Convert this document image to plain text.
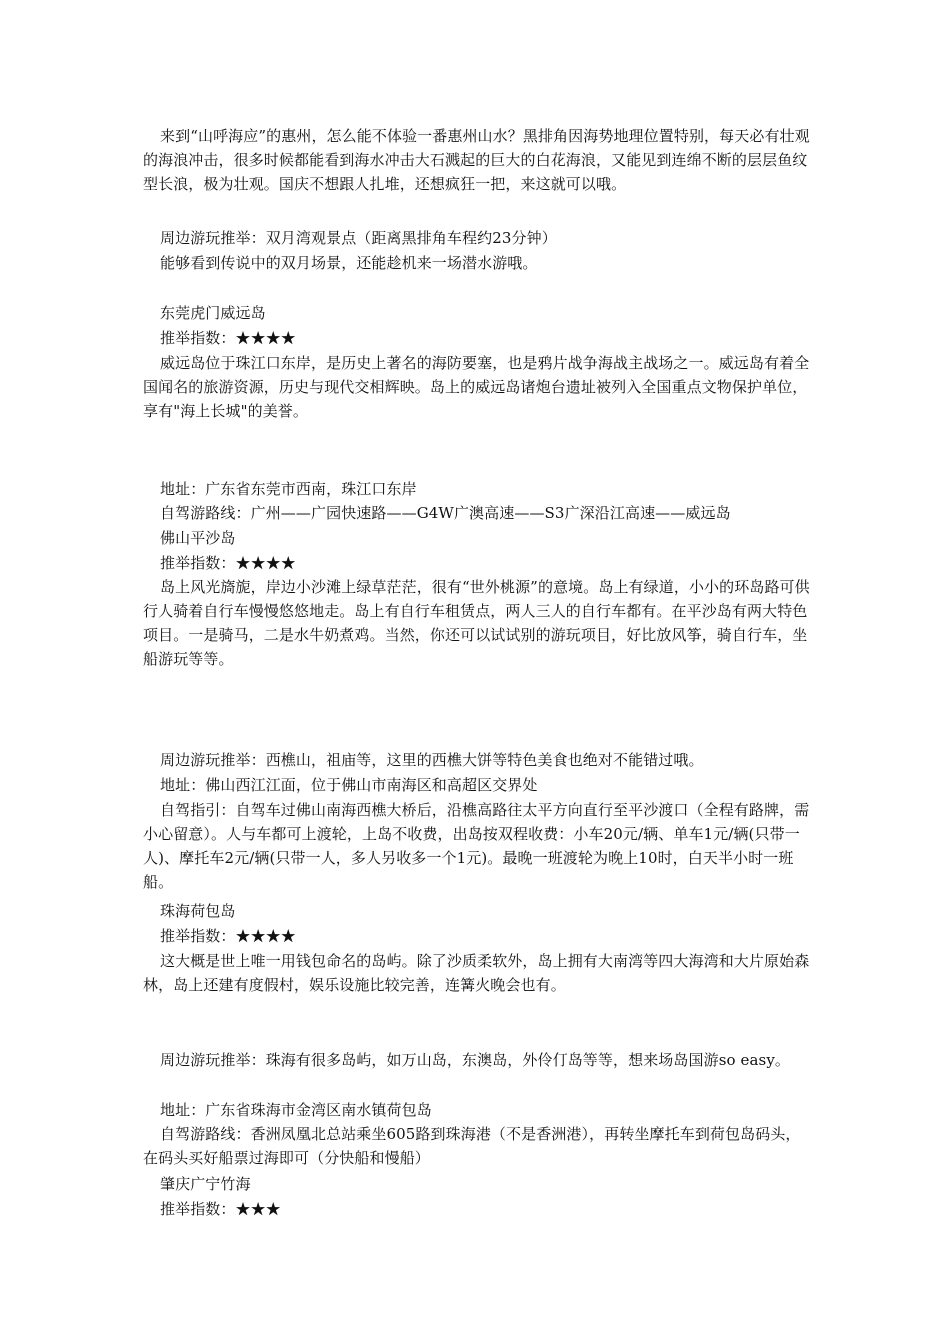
来到“山呼海应”的惠州，怎么能不体验一番惠州山水？黑排角因海势地理位置特别，每天必有壮观的海浪冲击，很多时候都能看到海水冲击大石溅起的巨大的白花海浪，又能见到连绵不断的层层鱼纹型长浪，极为壮观。国庆不想跟人扎堆，还想疯狂一把，来这就可以哦。

周边游玩推举：双月湾观景点（距离黑排角车程约23分钟）

能够看到传说中的双月场景，还能趁机来一场潜水游哦。

东莞虎门威远岛

推举指数：★★★★

威远岛位于珠江口东岸，是历史上著名的海防要塞，也是鸦片战争海战主战场之一。威远岛有着全国闻名的旅游资源，历史与现代交相辉映。岛上的威远岛诸炮台遗址被列入全国重点文物保护单位，享有"海上长城"的美誉。

地址：广东省东莞市西南，珠江口东岸

自驾游路线：广州——广园快速路——G4W广澳高速——S3广深沿江高速——威远岛

佛山平沙岛

推举指数：★★★★

岛上风光旖旎，岸边小沙滩上绿草茫茫，很有“世外桃源”的意境。岛上有绿道，小小的环岛路可供行人骑着自行车慢慢悠悠地走。岛上有自行车租赁点，两人三人的自行车都有。在平沙岛有两大特色项目。一是骑马，二是水牛奶煮鸡。当然，你还可以试试别的游玩项目，好比放风筝，骑自行车，坐船游玩等等。

周边游玩推举：西樵山，祖庙等，这里的西樵大饼等特色美食也绝对不能错过哦。

地址：佛山西江江面，位于佛山市南海区和高超区交界处

自驾指引：自驾车过佛山南海西樵大桥后，沿樵高路往太平方向直行至平沙渡口（全程有路牌，需小心留意）。人与车都可上渡轮，上岛不收费，出岛按双程收费：小车20元/辆、单车1元/辆(只带一人)、摩托车2元/辆(只带一人，多人另收多一个1元)。最晚一班渡轮为晚上10时，白天半小时一班船。

珠海荷包岛

推举指数：★★★★

这大概是世上唯一用钱包命名的岛屿。除了沙质柔软外，岛上拥有大南湾等四大海湾和大片原始森林，岛上还建有度假村，娱乐设施比较完善，连篝火晚会也有。

周边游玩推举：珠海有很多岛屿，如万山岛，东澳岛，外伶仃岛等等，想来场岛国游so easy。

地址：广东省珠海市金湾区南水镇荷包岛

自驾游路线：香洲凤凰北总站乘坐605路到珠海港（不是香洲港），再转坐摩托车到荷包岛码头，在码头买好船票过海即可（分快船和慢船）

肇庆广宁竹海

推举指数：★★★
